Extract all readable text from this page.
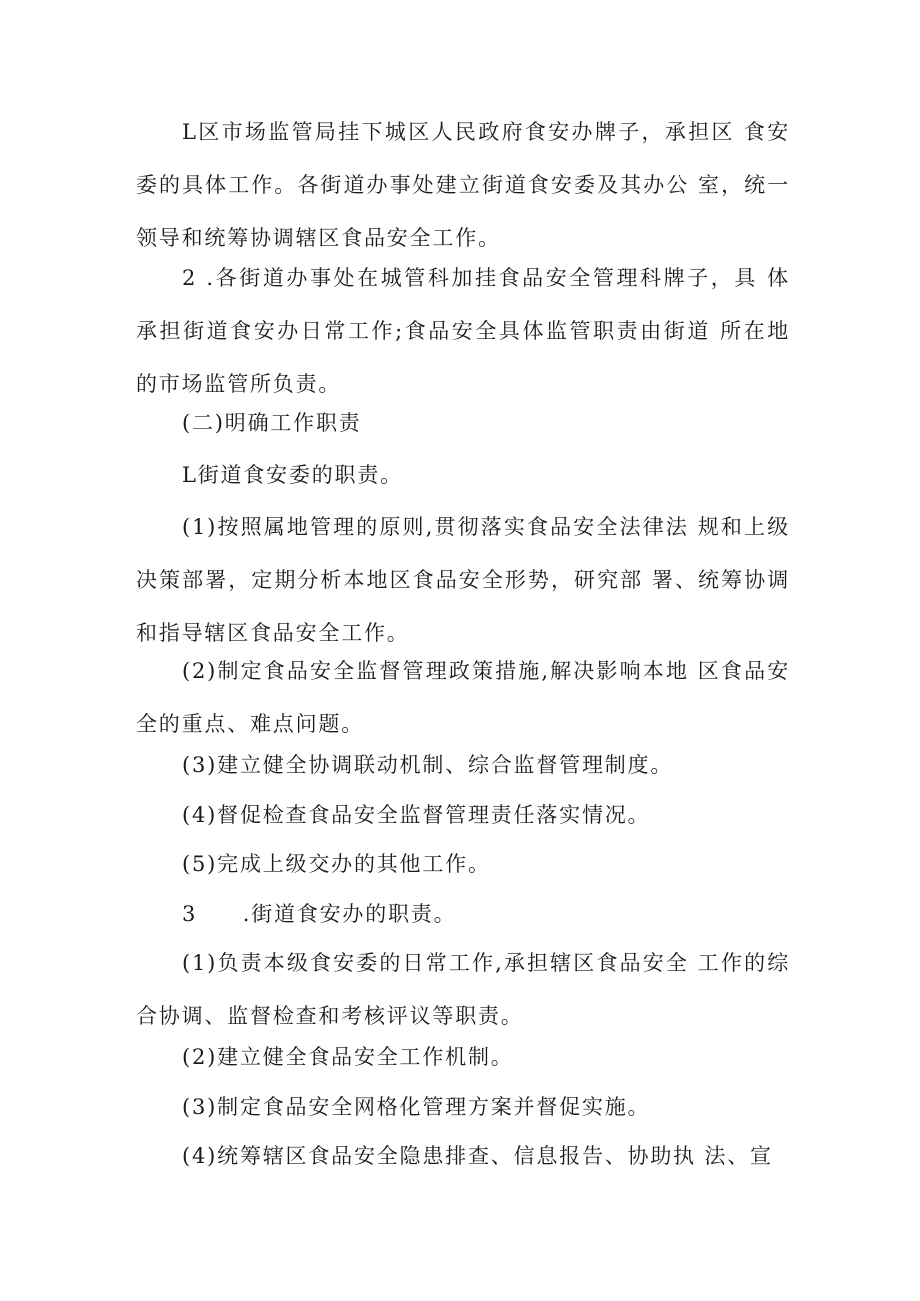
L区市场监管局挂下城区人民政府食安办牌子，承担区 食安委的具体工作。各街道办事处建立街道食安委及其办公 室，统一领导和统筹协调辖区食品安全工作。

2 .各街道办事处在城管科加挂食品安全管理科牌子，具 体承担街道食安办日常工作;食品安全具体监管职责由街道 所在地的市场监管所负责。

(二)明确工作职责

L街道食安委的职责。

(1)按照属地管理的原则,贯彻落实食品安全法律法 规和上级决策部署，定期分析本地区食品安全形势，研究部 署、统筹协调和指导辖区食品安全工作。

(2)制定食品安全监督管理政策措施,解决影响本地 区食品安全的重点、难点问题。

(3)建立健全协调联动机制、综合监督管理制度。

(4)督促检查食品安全监督管理责任落实情况。

(5)完成上级交办的其他工作。

3　　.街道食安办的职责。

(1)负责本级食安委的日常工作,承担辖区食品安全 工作的综合协调、监督检查和考核评议等职责。

(2)建立健全食品安全工作机制。

(3)制定食品安全网格化管理方案并督促实施。

(4)统筹辖区食品安全隐患排查、信息报告、协助执 法、宣
